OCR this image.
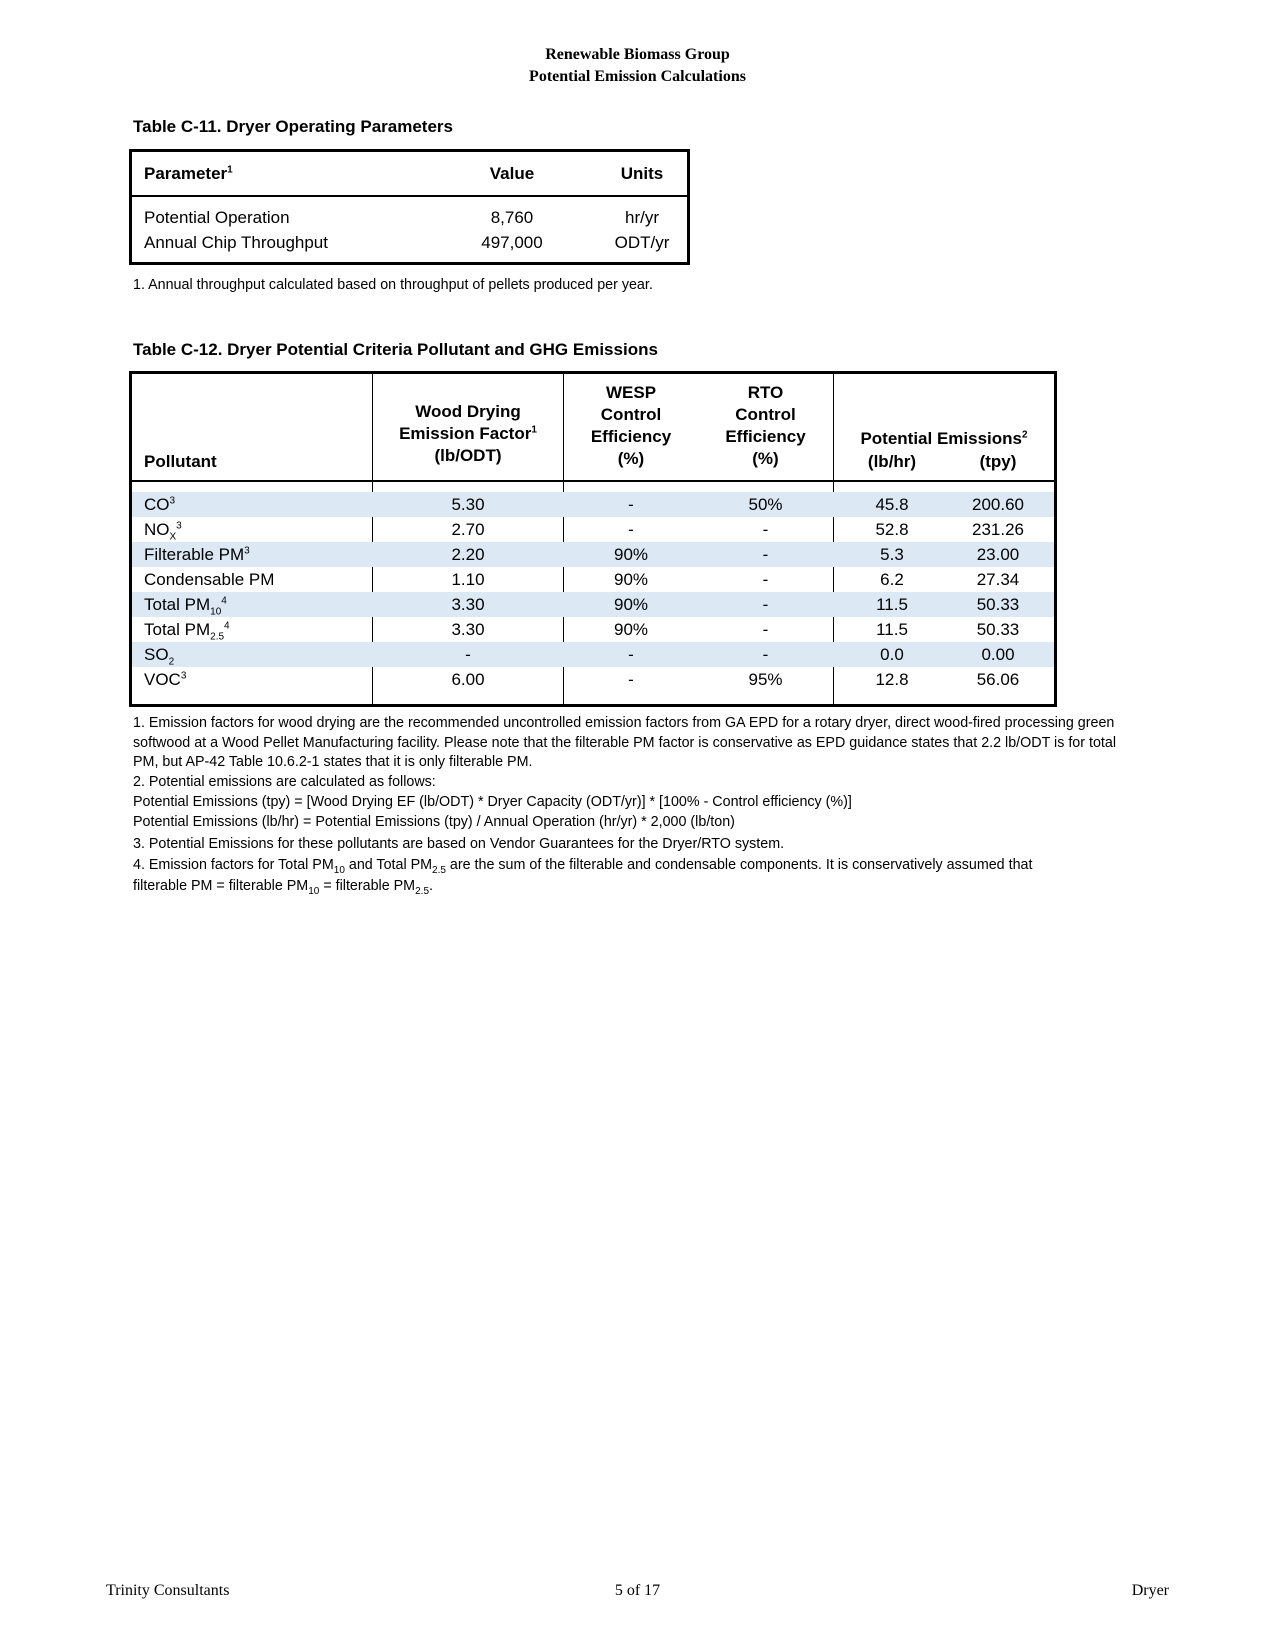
Renewable Biomass Group
Potential Emission Calculations
Table C-11. Dryer Operating Parameters
Parameter$^1$	Value	Units
Potential Operation	8,760	hr/yr
Annual Chip Throughput	497,000	ODT/yr
1. Annual throughput calculated based on throughput of pellets produced per year.
Table C-12. Dryer Potential Criteria Pollutant and GHG Emissions
Pollutant
Wood Drying
Emission Factor$^1$
(lb/ODT)
WESP
Control
Efficiency
(%)
RTO
Control
Efficiency
(%)
Potential Emissions$^2$
(lb/hr)	(tpy)
$CO^3$	5.30	-	50%	45.8	200.60
$NO_X^3$	2.70	-	-	52.8	231.26
Filterable $PM^3$	2.20	90%	-	5.3	23.00
Condensable PM	1.10	90%	-	6.2	27.34
Total $PM_{10}^4$	3.30	90%	-	11.5	50.33
Total $PM_{2.5}^4$	3.30	90%	-	11.5	50.33
$SO_2$	-	-	-	0.0	0.00
VOC$^3$	6.00	-	95%	12.8	56.06
1. Emission factors for wood drying are the recommended uncontrolled emission factors from GA EPD for a rotary dryer, direct wood-fired processing green softwood at a Wood Pellet Manufacturing facility. Please note that the filterable PM factor is conservative as EPD guidance states that 2.2 lb/ODT is for total PM, but AP-42 Table 10.6.2-1 states that it is only filterable PM.
2. Potential emissions are calculated as follows:
Potential Emissions (tpy) = [Wood Drying EF (lb/ODT) * Dryer Capacity (ODT/yr)] * [100% - Control efficiency (%)]
Potential Emissions (lb/hr) = Potential Emissions (tpy) / Annual Operation (hr/yr) * 2,000 (lb/ton)
3. Potential Emissions for these pollutants are based on Vendor Guarantees for the Dryer/RTO system.
4. Emission factors for Total $PM_{10}$ and Total $PM_{2.5}$ are the sum of the filterable and condensable components. It is conservatively assumed that
filterable PM = filterable $PM_{10}$ = filterable $PM_{2.5}$.
Trinity Consultants	5 of 17	Dryer
